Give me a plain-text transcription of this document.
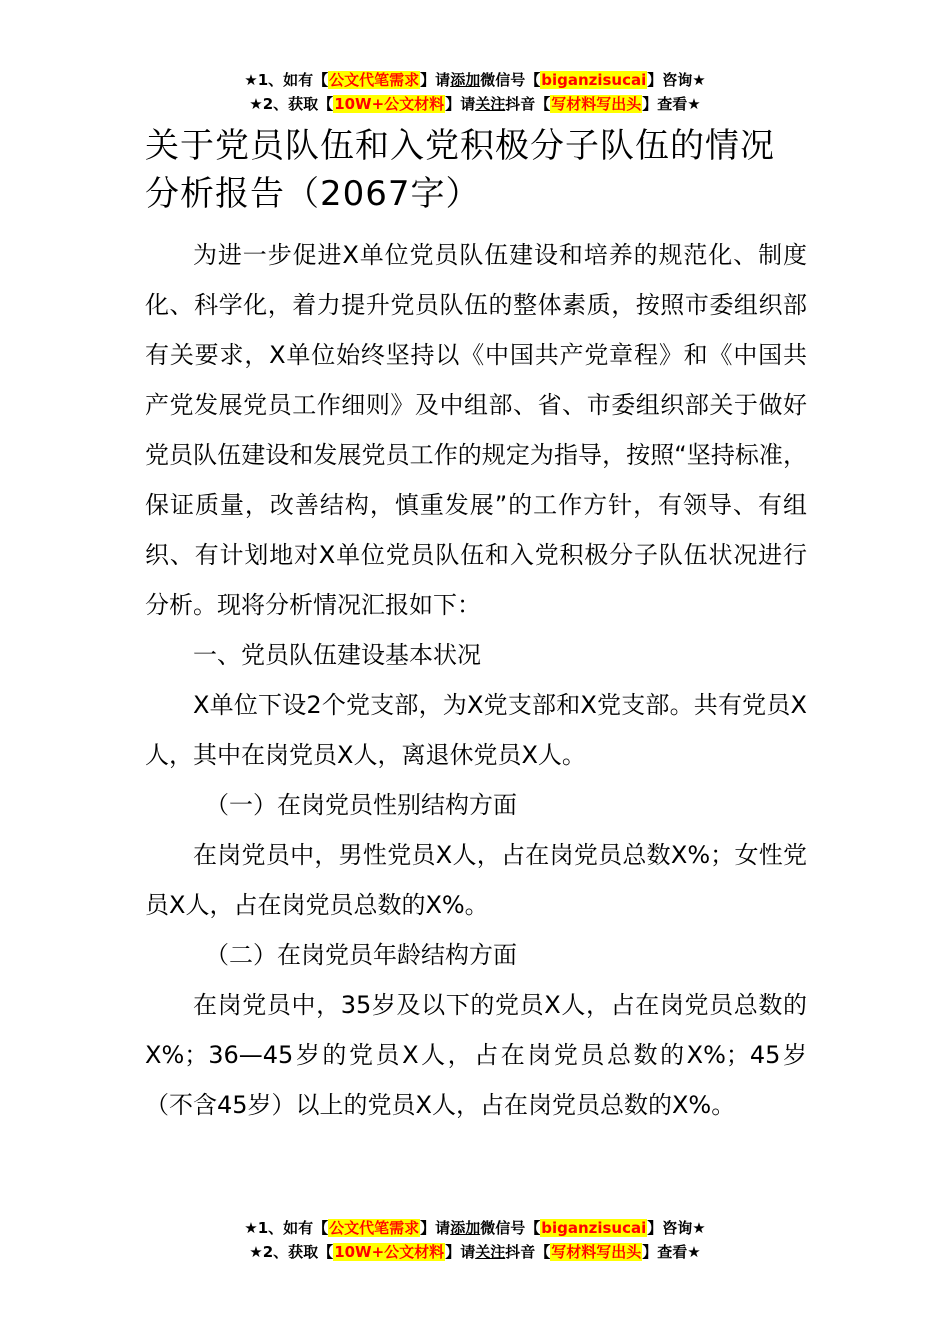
★1、如有【公文代笔需求】请添加微信号【biganzisucai】咨询★
★2、获取【10W+公文材料】请关注抖音【写材料写出头】查看★
关于党员队伍和入党积极分子队伍的情况分析报告（2067字）

为进一步促进X单位党员队伍建设和培养的规范化、制度化、科学化，着力提升党员队伍的整体素质，按照市委组织部有关要求，X单位始终坚持以《中国共产党章程》和《中国共产党发展党员工作细则》及中组部、省、市委组织部关于做好党员队伍建设和发展党员工作的规定为指导，按照“坚持标准，保证质量，改善结构，慎重发展”的工作方针，有领导、有组织、有计划地对X单位党员队伍和入党积极分子队伍状况进行分析。现将分析情况汇报如下：

一、党员队伍建设基本状况

X单位下设2个党支部，为X党支部和X党支部。共有党员X人，其中在岗党员X人，离退休党员X人。

（一）在岗党员性别结构方面

在岗党员中，男性党员X人，占在岗党员总数X%；女性党员X人，占在岗党员总数的X%。

（二）在岗党员年龄结构方面

在岗党员中，35岁及以下的党员X人，占在岗党员总数的X%；36—45岁的党员X人，占在岗党员总数的X%；45岁（不含45岁）以上的党员X人，占在岗党员总数的X%。

★1、如有【公文代笔需求】请添加微信号【biganzisucai】咨询★
★2、获取【10W+公文材料】请关注抖音【写材料写出头】查看★
